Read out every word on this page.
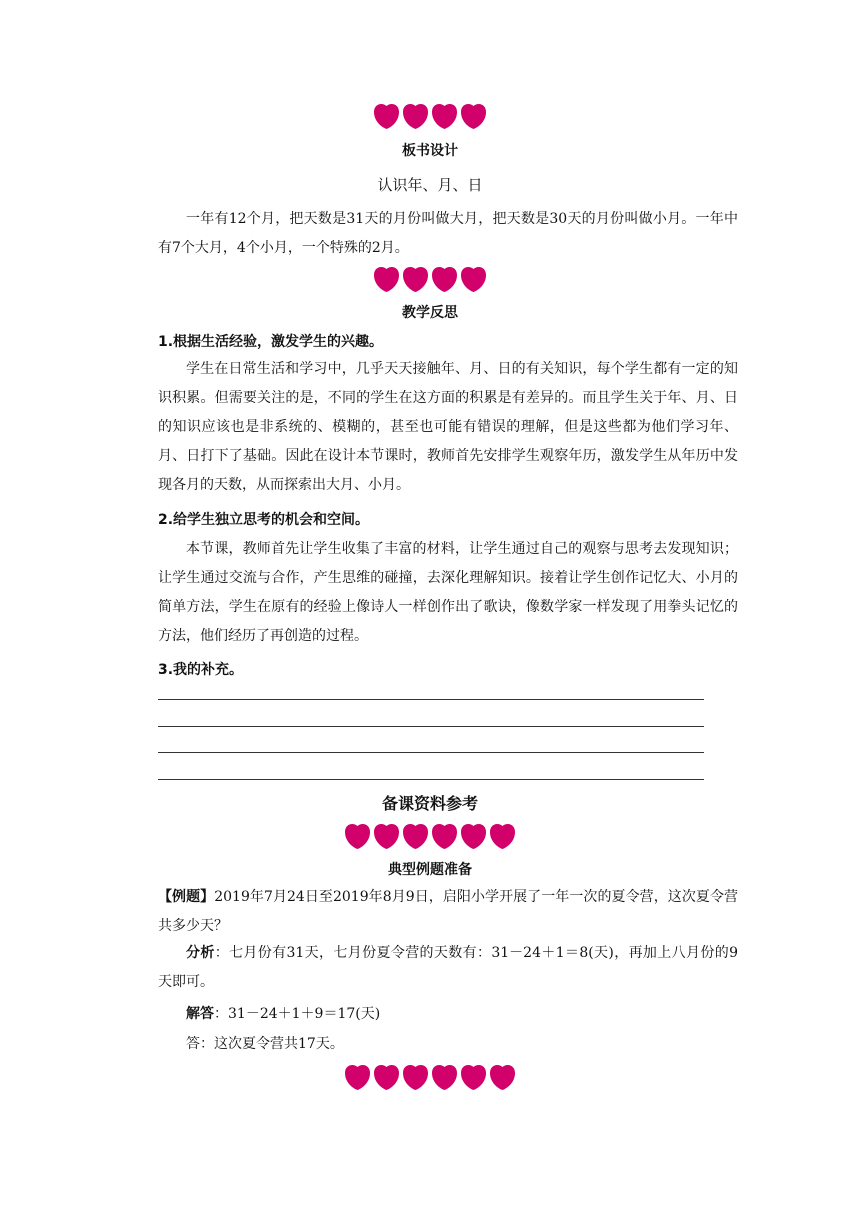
板书设计
认识年、月、日

一年有12个月，把天数是31天的月份叫做大月，把天数是30天的月份叫做小月。一年中有7个大月，4个小月，一个特殊的2月。

教学反思
1.根据生活经验，激发学生的兴趣。

学生在日常生活和学习中，几乎天天接触年、月、日的有关知识，每个学生都有一定的知识积累。但需要关注的是，不同的学生在这方面的积累是有差异的。而且学生关于年、月、日的知识应该也是非系统的、模糊的，甚至也可能有错误的理解，但是这些都为他们学习年、月、日打下了基础。因此在设计本节课时，教师首先安排学生观察年历，激发学生从年历中发现各月的天数，从而探索出大月、小月。

2.给学生独立思考的机会和空间。

本节课，教师首先让学生收集了丰富的材料，让学生通过自己的观察与思考去发现知识；让学生通过交流与合作，产生思维的碰撞，去深化理解知识。接着让学生创作记忆大、小月的简单方法，学生在原有的经验上像诗人一样创作出了歌诀，像数学家一样发现了用拳头记忆的方法，他们经历了再创造的过程。

3.我的补充。
备课资料参考
典型例题准备

【例题】2019年7月24日至2019年8月9日，启阳小学开展了一年一次的夏令营，这次夏令营共多少天？

分析：七月份有31天，七月份夏令营的天数有：31－24＋1＝8(天)，再加上八月份的9天即可。

解答：31－24＋1＋9＝17(天)

答：这次夏令营共17天。
